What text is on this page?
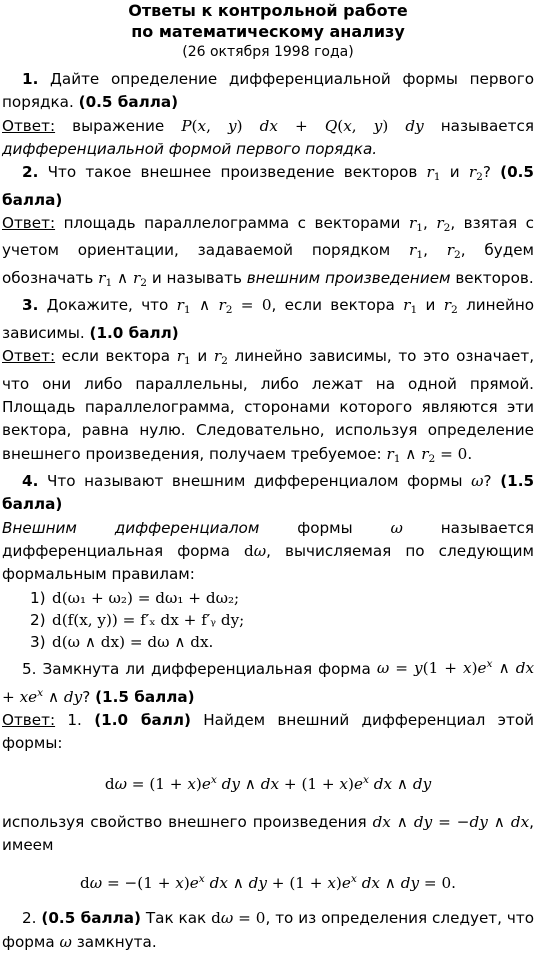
Ответы к контрольной работе
по математическому анализу
(26 октября 1998 года)

1. Дайте определение дифференциальной формы первого порядка. (0.5 балла)

Ответ: выражение P(x, y) dx + Q(x, y) dy называется дифференциальной формой первого порядка.

2. Что такое внешнее произведение векторов $r_1$ и $r_2$? (0.5 балла)

Ответ: площадь параллелограмма с векторами $r_1$, $r_2$, взятая с учетом ориентации, задаваемой порядком $r_1$, $r_2$, будем обозначать $r_1$ ∧ $r_2$ и называть внешним произведением векторов.

3. Докажите, что $r_1$ ∧ $r_2 = 0$, если вектора $r_1$ и $r_2$ линейно зависимы. (1.0 балл)

Ответ: если вектора $r_1$ и $r_2$ линейно зависимы, то это означает, что они либо параллельны, либо лежат на одной прямой. Площадь параллелограмма, сторонами которого являются эти вектора, равна нулю. Следовательно, используя определение внешнего произведения, получаем требуемое: $r_1$ ∧ $r_2 = 0$.

4. Что называют внешним дифференциалом формы ω? (1.5 балла)

Внешним дифференциалом формы ω называется дифференциальная форма dω, вычисляемая по следующим формальным правилам:

1) d(ω₁ + ω₂) = dω₁ + dω₂;
2) d(f(x, y)) = f′ₓ dx + f′ᵧ dy;
3) d(ω ∧ dx) = dω ∧ dx.

5. Замкнута ли дифференциальная форма $\omega = y(1 + x)e^x$ ∧ dx + $xe^x$ ∧ dy? (1.5 балла)

Ответ: 1. (1.0 балл) Найдем внешний дифференциал этой формы:

$d\omega = (1 + x)e^x$ dy ∧ dx + $(1 + x)e^x$ dx ∧ dy

используя свойство внешнего произведения dx ∧ dy = −dy ∧ dx, имеем

$d\omega = -(1 + x)e^x$ dx ∧ dy + $(1 + x)e^x$ dx ∧ dy = 0.

2. (0.5 балла) Так как dω = 0, то из определения следует, что форма ω замкнута.
